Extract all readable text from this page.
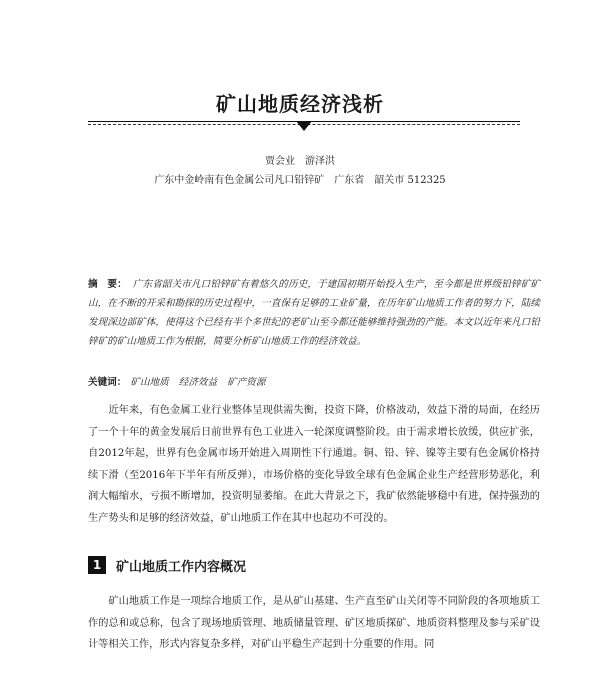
矿山地质经济浅析
贾会业　游泽洪
广东中金岭南有色金属公司凡口铅锌矿　广东省　韶关市 512325
摘　要： 广东省韶关市凡口铅锌矿有着悠久的历史，于建国初期开始投入生产，至今都是世界级铅锌矿矿山，在不断的开采和勘探的历史过程中，一直保有足够的工业矿量，在历年矿山地质工作者的努力下，陆续发现深边部矿体，使得这个已经有半个多世纪的老矿山至今都还能够维持强劲的产能。本文以近年来凡口铅锌矿的矿山地质工作为根据，简要分析矿山地质工作的经济效益。
关键词： 矿山地质 经济效益 矿产资源

近年来，有色金属工业行业整体呈现供需失衡，投资下降，价格波动，效益下滑的局面，在经历了一个十年的黄金发展后日前世界有色工业进入一轮深度调整阶段。由于需求增长放缓，供应扩张，自2012年起，世界有色金属市场开始进入周期性下行通道。铜、铅、锌、镍等主要有色金属价格持续下滑（至2016年下半年有所反弹），市场价格的变化导致全球有色金属企业生产经营形势恶化，利润大幅缩水，亏损不断增加，投资明显萎缩。在此大背景之下，我矿依然能够稳中有进，保持强劲的生产势头和足够的经济效益，矿山地质工作在其中也起功不可没的。

1	矿山地质工作内容概况

矿山地质工作是一项综合地质工作，是从矿山基建、生产直至矿山关闭等不同阶段的各项地质工作的总和或总称，包含了现场地质管理、地质储量管理、矿区地质探矿、地质资料整理及参与采矿设计等相关工作，形式内容复杂多样，对矿山平稳生产起到十分重要的作用。同
